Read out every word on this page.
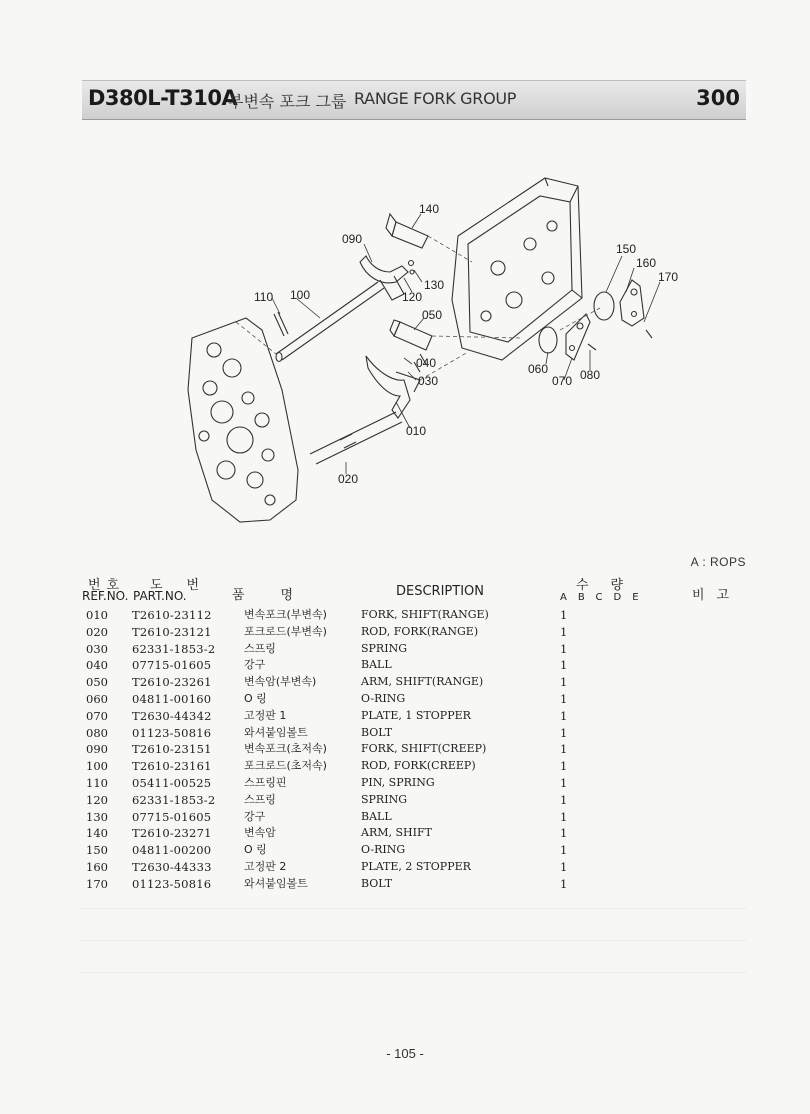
D380L-T310A
부변속 포크 그룹 RANGE FORK GROUP	300
140
090
100
110	120
130
050
040
030
010
020
060
070 080
150
160
170
A : ROPS
번호
REF.NO.
도번
PART.NO.	품명	DESCRIPTION	수량
ABCDE	비고
010 T2610-23112	변속포크(부변속)	FORK, SHIFT(RANGE)	1
020 T2610-23121	포크로드(부변속)	ROD, FORK(RANGE)	1
030 62331-1853-2	스프링	SPRING	1
040 07715-01605	강구	BALL	1
050 T2610-23261	변속암(부변속)	ARM, SHIFT(RANGE)	1
060 04811-00160	O 링	O-RING	1
070 T2630-44342	고정판 1	PLATE, 1 STOPPER	1
080 01123-50816	와셔붙임볼트	BOLT	1
090 T2610-23151	변속포크(초저속)	FORK, SHIFT(CREEP)	1
100 T2610-23161	포크로드(초저속)	ROD, FORK(CREEP)	1
110 05411-00525	스프링핀	PIN, SPRING	1
120 62331-1853-2	스프링	SPRING	1
130 07715-01605	강구	BALL	1
140 T2610-23271	변속암	ARM, SHIFT	1
150 04811-00200	O 링	O-RING	1
160 T2630-44333	고정판 2	PLATE, 2 STOPPER	1
170 01123-50816	와셔붙임볼트	BOLT	1
- 105 -
